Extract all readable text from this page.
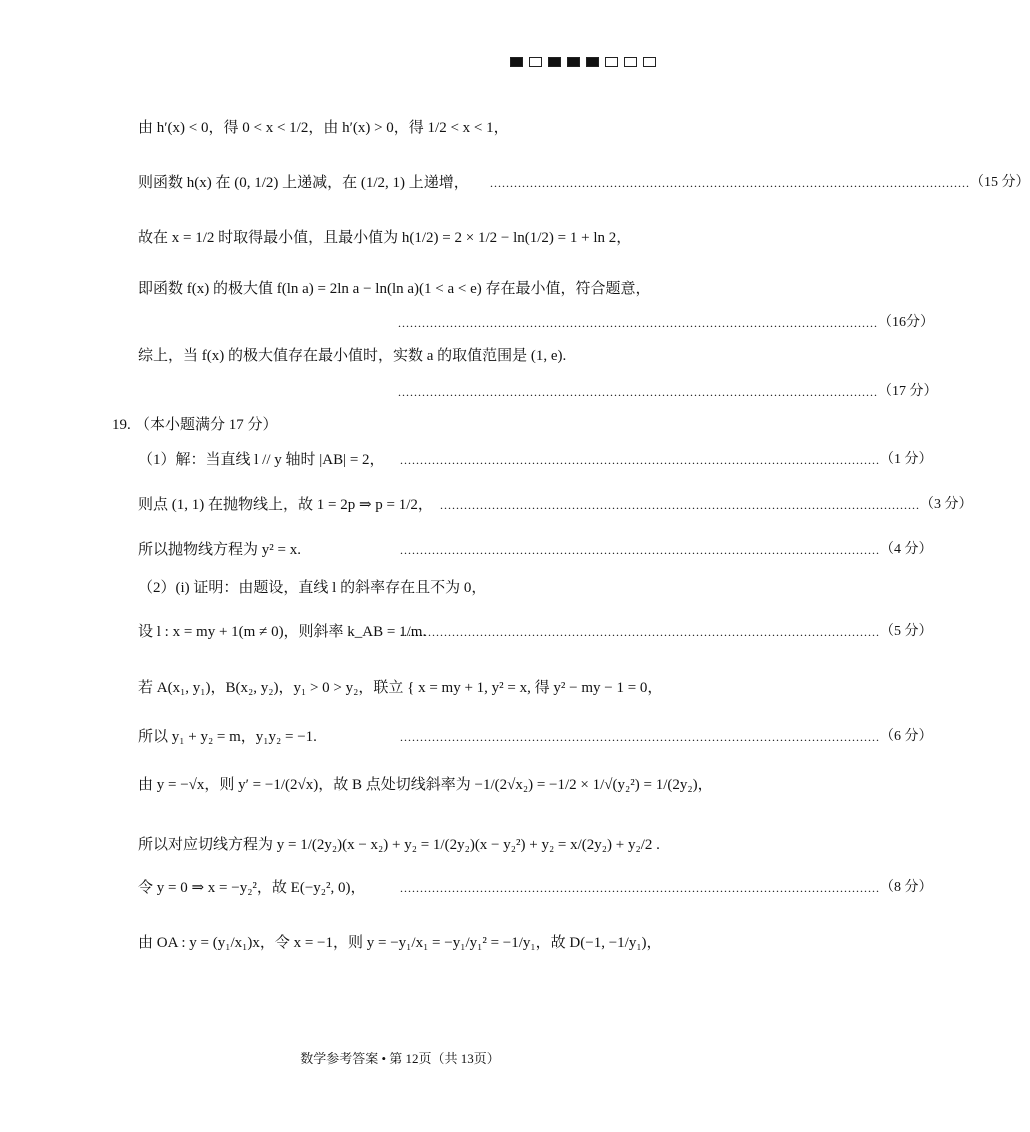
由 h′(x) < 0，得 0 < x < 1/2，由 h′(x) > 0，得 1/2 < x < 1，
则函数 h(x) 在 (0, 1/2) 上递减，在 (1/2, 1) 上递增， ........................................................................................................................ （15 分）
故在 x = 1/2 时取得最小值，且最小值为 h(1/2) = 2 × 1/2 − ln(1/2) = 1 + ln 2，
即函数 f(x) 的极大值 f(ln a) = 2ln a − ln(ln a)(1 < a < e) 存在最小值，符合题意，
........................................................................................................................ （16分）
综上，当 f(x) 的极大值存在最小值时，实数 a 的取值范围是 (1, e).
........................................................................................................................ （17 分）
19. （本小题满分 17 分）
（1）解：当直线 l // y 轴时 |AB| = 2， ........................................................................................................................ （1 分）
则点 (1, 1) 在抛物线上，故 1 = 2p ⇒ p = 1/2， ........................................................................................................................ （3 分）
所以抛物线方程为 y² = x.	........................................................................................................................ （4 分）
（2）(i) 证明：由题设，直线 l 的斜率存在且不为 0，
设 l : x = my + 1(m ≠ 0)，则斜率 k_AB = 1/m.
........................................................................................................................ （5 分）
若 A(x₁, y₁)，B(x₂, y₂)，y₁ > 0 > y₂，联立 { x = my + 1, y² = x, 得 y² − my − 1 = 0，
所以 y₁ + y₂ = m，y₁y₂ = −1.	........................................................................................................................ （6 分）
由 y = −√x，则 y′ = −1/(2√x)，故 B 点处切线斜率为 −1/(2√x₂) = −1/2 × 1/√(y₂²) = 1/(2y₂)，
所以对应切线方程为 y = 1/(2y₂)(x − x₂) + y₂ = 1/(2y₂)(x − y₂²) + y₂ = x/(2y₂) + y₂/2 .
令 y = 0 ⇒ x = −y₂²，故 E(−y₂², 0)，	........................................................................................................................ （8 分）
由 OA : y = (y₁/x₁)x，令 x = −1，则 y = −y₁/x₁ = −y₁/y₁² = −1/y₁，故 D(−1, −1/y₁)，
数学参考答案 • 第 12页（共 13页）
